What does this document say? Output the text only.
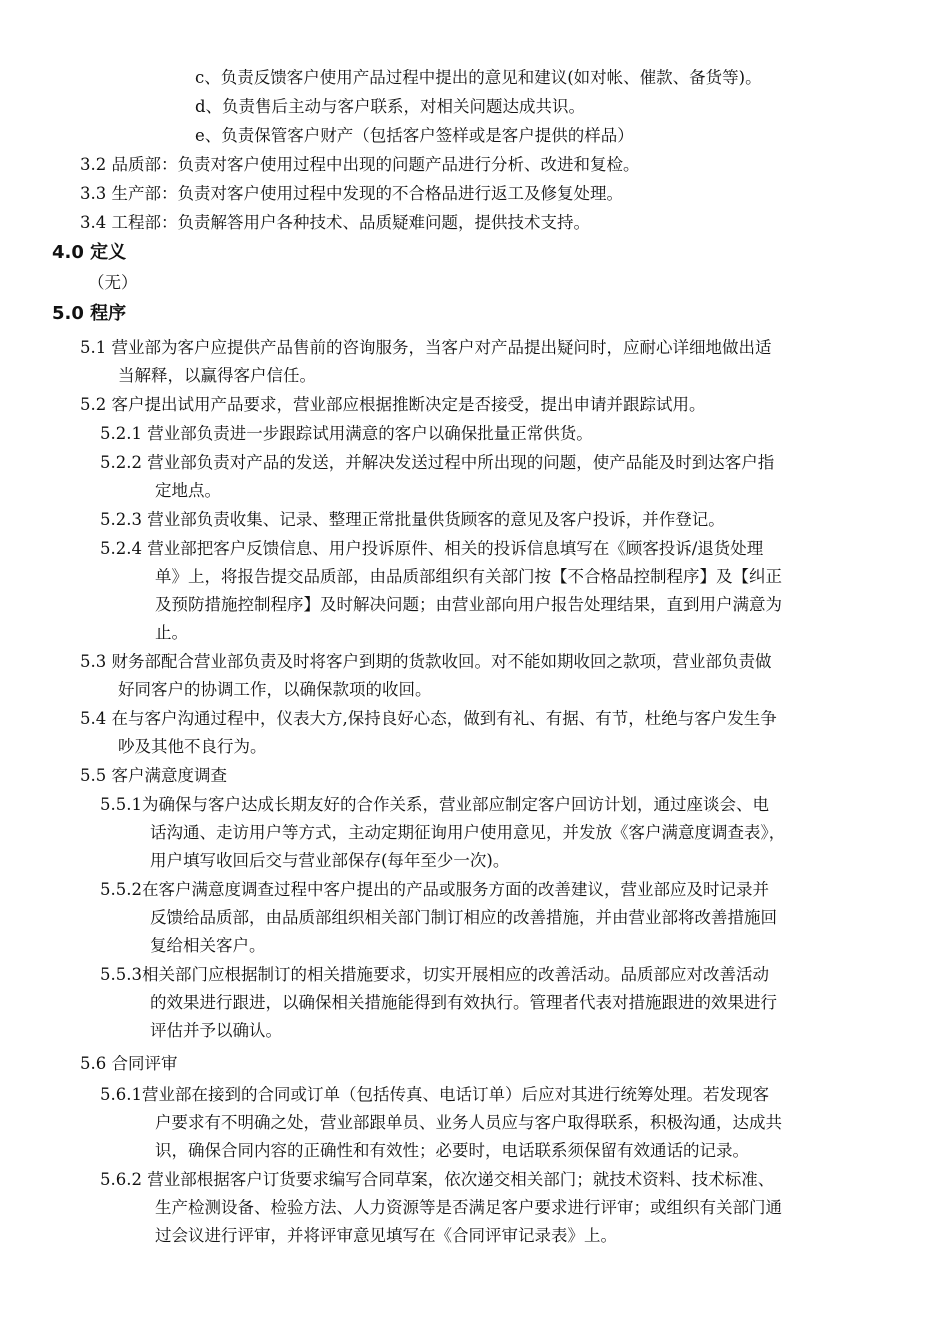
c、负责反馈客户使用产品过程中提出的意见和建议(如对帐、催款、备货等)。
d、负责售后主动与客户联系，对相关问题达成共识。
e、负责保管客户财产（包括客户签样或是客户提供的样品）
3.2 品质部：负责对客户使用过程中出现的问题产品进行分析、改进和复检。
3.3 生产部：负责对客户使用过程中发现的不合格品进行返工及修复处理。
3.4 工程部：负责解答用户各种技术、品质疑难问题，提供技术支持。
4.0 定义
（无）
5.0 程序
5.1 营业部为客户应提供产品售前的咨询服务，当客户对产品提出疑问时，应耐心详细地做出适
当解释，以赢得客户信任。
5.2 客户提出试用产品要求，营业部应根据推断决定是否接受，提出申请并跟踪试用。
5.2.1 营业部负责进一步跟踪试用满意的客户以确保批量正常供货。
5.2.2 营业部负责对产品的发送，并解决发送过程中所出现的问题，使产品能及时到达客户指
定地点。
5.2.3 营业部负责收集、记录、整理正常批量供货顾客的意见及客户投诉，并作登记。
5.2.4 营业部把客户反馈信息、用户投诉原件、相关的投诉信息填写在《顾客投诉/退货处理
单》上，将报告提交品质部，由品质部组织有关部门按【不合格品控制程序】及【纠正
及预防措施控制程序】及时解决问题；由营业部向用户报告处理结果，直到用户满意为
止。
5.3 财务部配合营业部负责及时将客户到期的货款收回。对不能如期收回之款项，营业部负责做
好同客户的协调工作，以确保款项的收回。
5.4 在与客户沟通过程中，仪表大方,保持良好心态，做到有礼、有据、有节，杜绝与客户发生争
吵及其他不良行为。
5.5 客户满意度调查
5.5.1为确保与客户达成长期友好的合作关系，营业部应制定客户回访计划，通过座谈会、电
话沟通、走访用户等方式，主动定期征询用户使用意见，并发放《客户满意度调查表》，
用户填写收回后交与营业部保存(每年至少一次)。
5.5.2在客户满意度调查过程中客户提出的产品或服务方面的改善建议，营业部应及时记录并
反馈给品质部，由品质部组织相关部门制订相应的改善措施，并由营业部将改善措施回
复给相关客户。
5.5.3相关部门应根据制订的相关措施要求，切实开展相应的改善活动。品质部应对改善活动
的效果进行跟进，以确保相关措施能得到有效执行。管理者代表对措施跟进的效果进行
评估并予以确认。
5.6 合同评审
5.6.1营业部在接到的合同或订单（包括传真、电话订单）后应对其进行统筹处理。若发现客
户要求有不明确之处，营业部跟单员、业务人员应与客户取得联系，积极沟通，达成共
识，确保合同内容的正确性和有效性；必要时，电话联系须保留有效通话的记录。
5.6.2 营业部根据客户订货要求编写合同草案，依次递交相关部门；就技术资料、技术标准、
生产检测设备、检验方法、人力资源等是否满足客户要求进行评审；或组织有关部门通
过会议进行评审，并将评审意见填写在《合同评审记录表》上。
